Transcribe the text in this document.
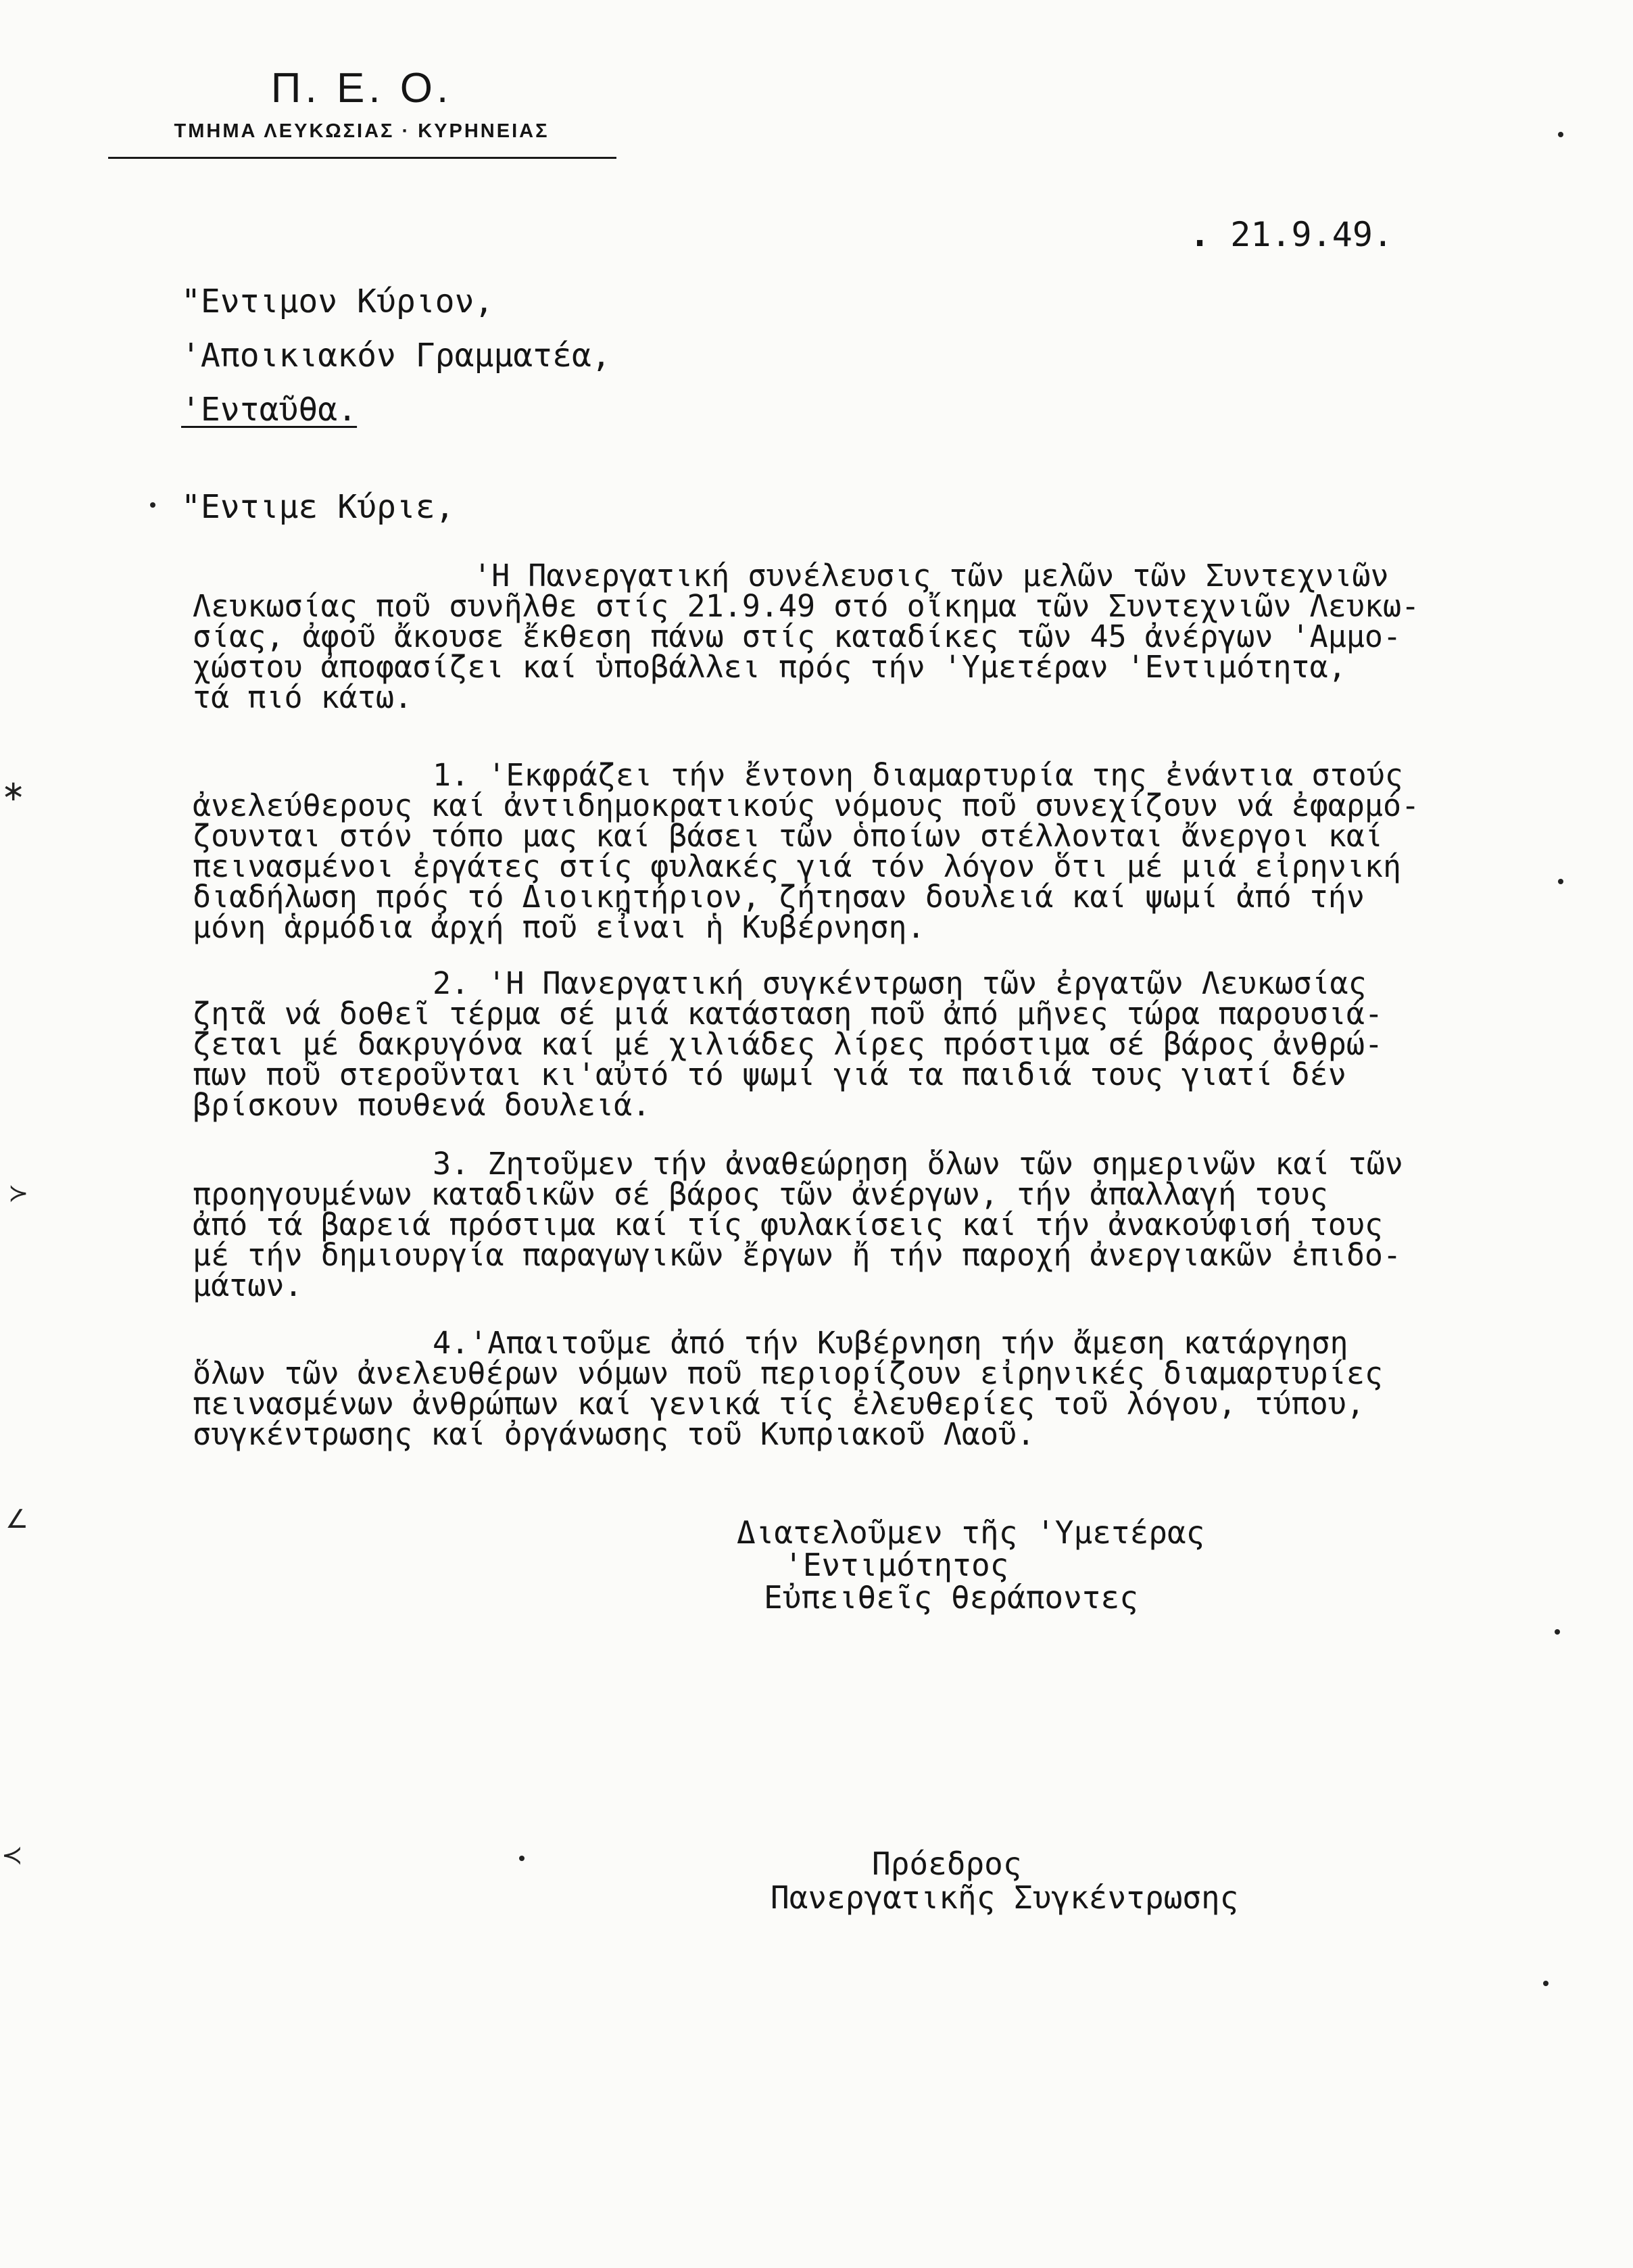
Π. Ε. Ο.
ΤΜΗΜΑ ΛΕΥΚΩΣΙΑΣ · ΚΥΡΗΝΕΙΑΣ
. 21.9.49.
"Εντιμον Κύριον,
'Αποικιακόν Γραμματέα,
'Ενταῦθα.
"Εντιμε Κύριε,
'Η Πανεργατική συνέλευσις τῶν μελῶν τῶν Συντεχνιῶν
Λευκωσίας ποῦ συνῆλθε στίς 21.9.49 στό οἴκημα τῶν Συντεχνιῶν Λευκω-
σίας, ἀφοῦ ἄκουσε ἔκθεση πάνω στίς καταδίκες τῶν 45 ἀνέργων 'Αμμο-
χώστου ἀποφασίζει καί ὑποβάλλει πρός τήν 'Υμετέραν 'Εντιμότητα,
τά πιό κάτω.
1. 'Εκφράζει τήν ἔντονη διαμαρτυρία της ἐνάντια στούς
ἀνελεύθερους καί ἀντιδημοκρατικούς νόμους ποῦ συνεχίζουν νά ἐφαρμό-
ζουνται στόν τόπο μας καί βάσει τῶν ὁποίων στέλλονται ἄνεργοι καί
πεινασμένοι ἐργάτες στίς φυλακές γιά τόν λόγον ὅτι μέ μιά εἰρηνική
διαδήλωση πρός τό Διοικητήριον, ζήτησαν δουλειά καί ψωμί ἀπό τήν
μόνη ἁρμόδια ἀρχή ποῦ εἶναι ἡ Κυβέρνηση.
2. 'Η Πανεργατική συγκέντρωση τῶν ἐργατῶν Λευκωσίας
ζητᾶ νά δοθεῖ τέρμα σέ μιά κατάσταση ποῦ ἀπό μῆνες τώρα παρουσιά-
ζεται μέ δακρυγόνα καί μέ χιλιάδες λίρες πρόστιμα σέ βάρος ἀνθρώ-
πων ποῦ στεροῦνται κι'αὐτό τό ψωμί γιά τα παιδιά τους γιατί δέν
βρίσκουν πουθενά δουλειά.
3. Ζητοῦμεν τήν ἀναθεώρηση ὅλων τῶν σημερινῶν καί τῶν
προηγουμένων καταδικῶν σέ βάρος τῶν ἀνέργων, τήν ἀπαλλαγή τους
ἀπό τά βαρειά πρόστιμα καί τίς φυλακίσεις καί τήν ἀνακούφισή τους
μέ τήν δημιουργία παραγωγικῶν ἔργων ἤ τήν παροχή ἀνεργιακῶν ἐπιδο-
μάτων.
4.'Απαιτοῦμε ἀπό τήν Κυβέρνηση τήν ἄμεση κατάργηση
ὅλων τῶν ἀνελευθέρων νόμων ποῦ περιορίζουν εἰρηνικές διαμαρτυρίες
πεινασμένων ἀνθρώπων καί γενικά τίς ἐλευθερίες τοῦ λόγου, τύπου,
συγκέντρωσης καί ὀργάνωσης τοῦ Κυπριακοῦ Λαοῦ.
Διατελοῦμεν τῆς 'Υμετέρας
'Εντιμότητος
Εὐπειθεῖς θεράποντες
Πρόεδρος
Πανεργατικῆς Συγκέντρωσης
∗
≻
∠
≺
